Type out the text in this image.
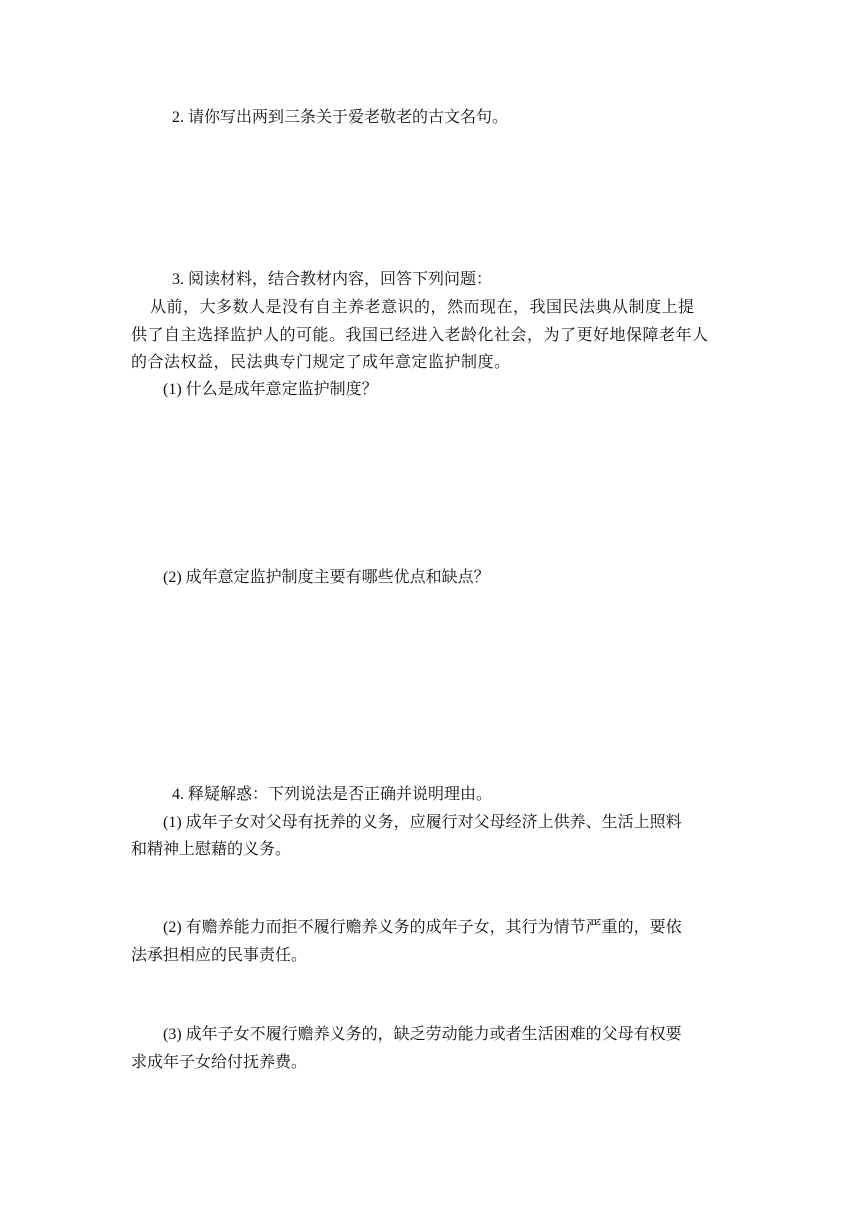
2. 请你写出两到三条关于爱老敬老的古文名句。
3. 阅读材料，结合教材内容，回答下列问题：
从前，大多数人是没有自主养老意识的，然而现在，我国民法典从制度上提
供了自主选择监护人的可能。我国已经进入老龄化社会，为了更好地保障老年人
的合法权益，民法典专门规定了成年意定监护制度。
(1) 什么是成年意定监护制度？
(2) 成年意定监护制度主要有哪些优点和缺点？
4. 释疑解惑：下列说法是否正确并说明理由。
(1) 成年子女对父母有抚养的义务，应履行对父母经济上供养、生活上照料
和精神上慰藉的义务。
(2) 有赡养能力而拒不履行赡养义务的成年子女，其行为情节严重的，要依
法承担相应的民事责任。
(3) 成年子女不履行赡养义务的，缺乏劳动能力或者生活困难的父母有权要
求成年子女给付抚养费。
